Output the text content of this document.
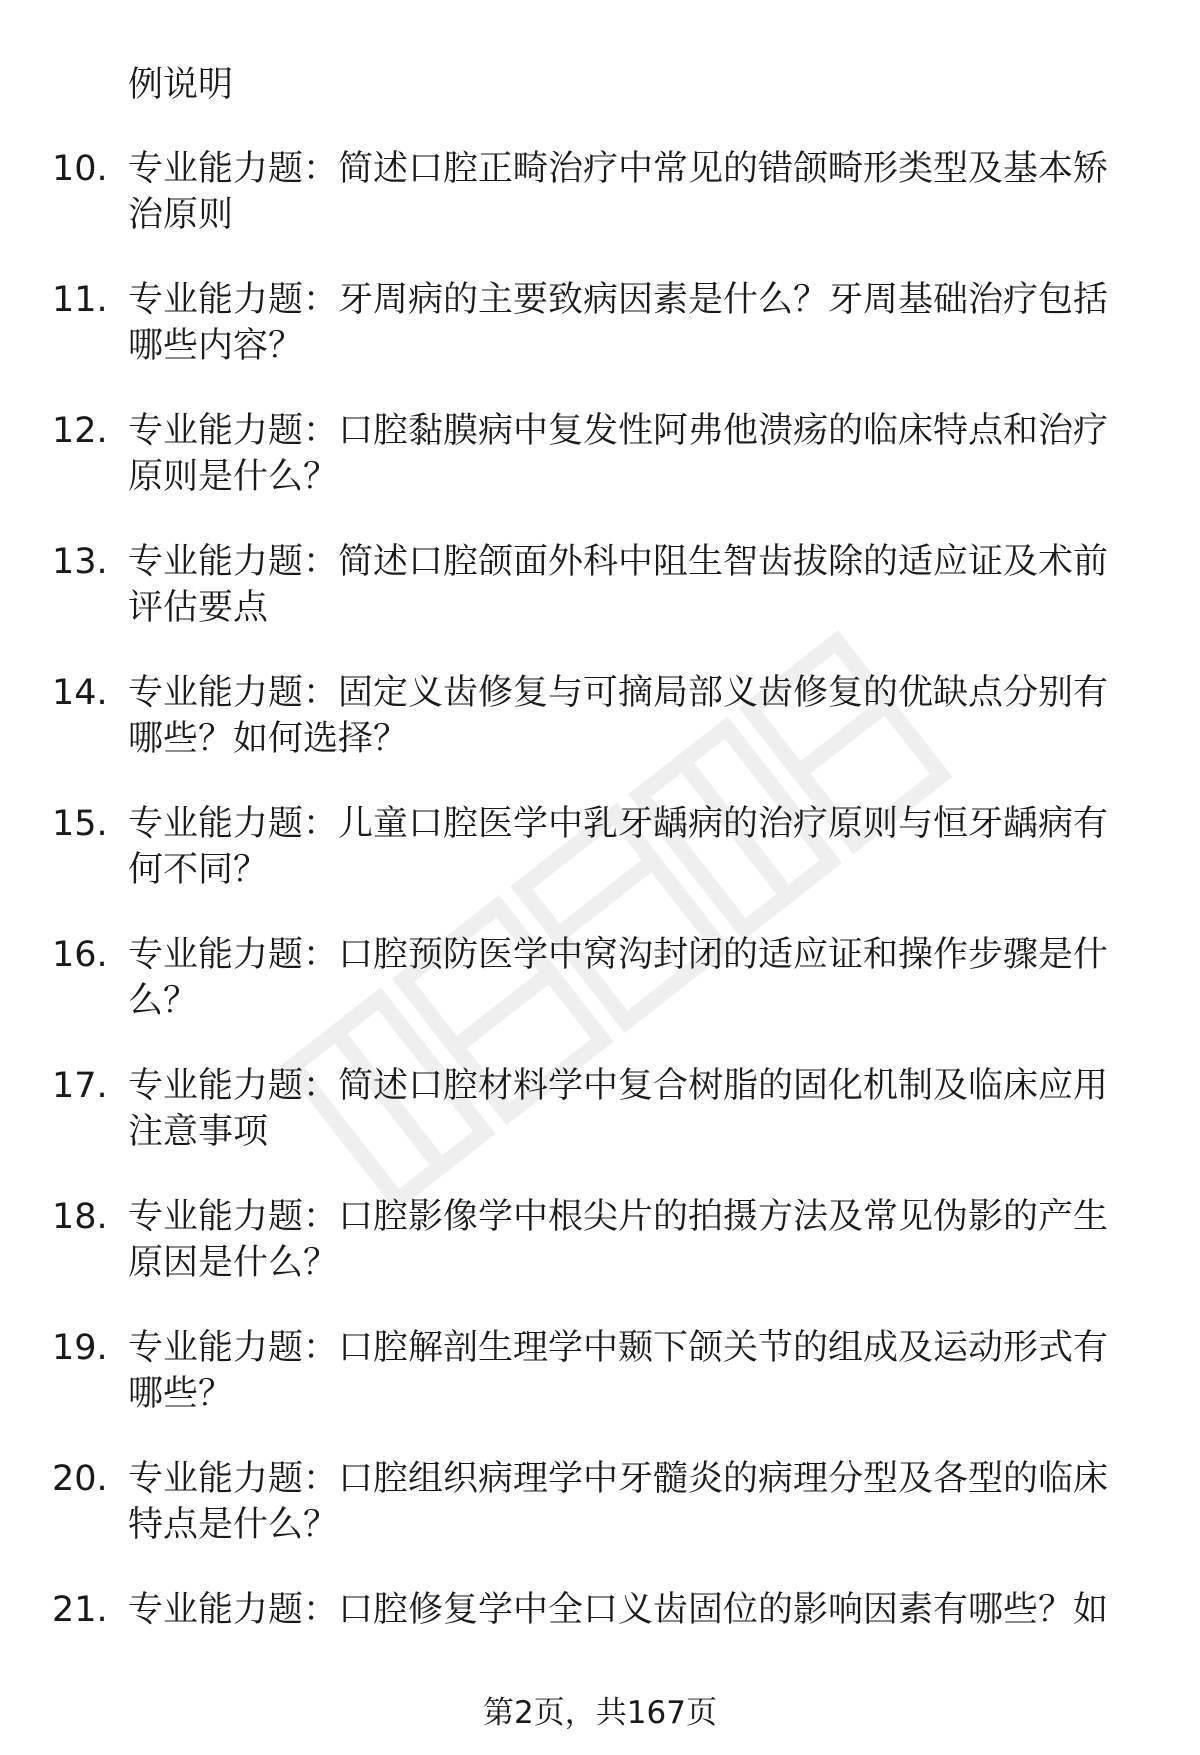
例说明
10. 专业能力题：简述口腔正畸治疗中常见的错颌畸形类型及基本矫
治原则
11. 专业能力题：牙周病的主要致病因素是什么？牙周基础治疗包括
哪些内容？
12. 专业能力题：口腔黏膜病中复发性阿弗他溃疡的临床特点和治疗
原则是什么？
13. 专业能力题：简述口腔颌面外科中阻生智齿拔除的适应证及术前
评估要点
14. 专业能力题：固定义齿修复与可摘局部义齿修复的优缺点分别有
哪些？如何选择？
15. 专业能力题：儿童口腔医学中乳牙龋病的治疗原则与恒牙龋病有
何不同？
16. 专业能力题：口腔预防医学中窝沟封闭的适应证和操作步骤是什
么？
17. 专业能力题：简述口腔材料学中复合树脂的固化机制及临床应用
注意事项
18. 专业能力题：口腔影像学中根尖片的拍摄方法及常见伪影的产生
原因是什么？
19. 专业能力题：口腔解剖生理学中颞下颌关节的组成及运动形式有
哪些？
20. 专业能力题：口腔组织病理学中牙髓炎的病理分型及各型的临床
特点是什么？
21. 专业能力题：口腔修复学中全口义齿固位的影响因素有哪些？如
第2页，共167页
